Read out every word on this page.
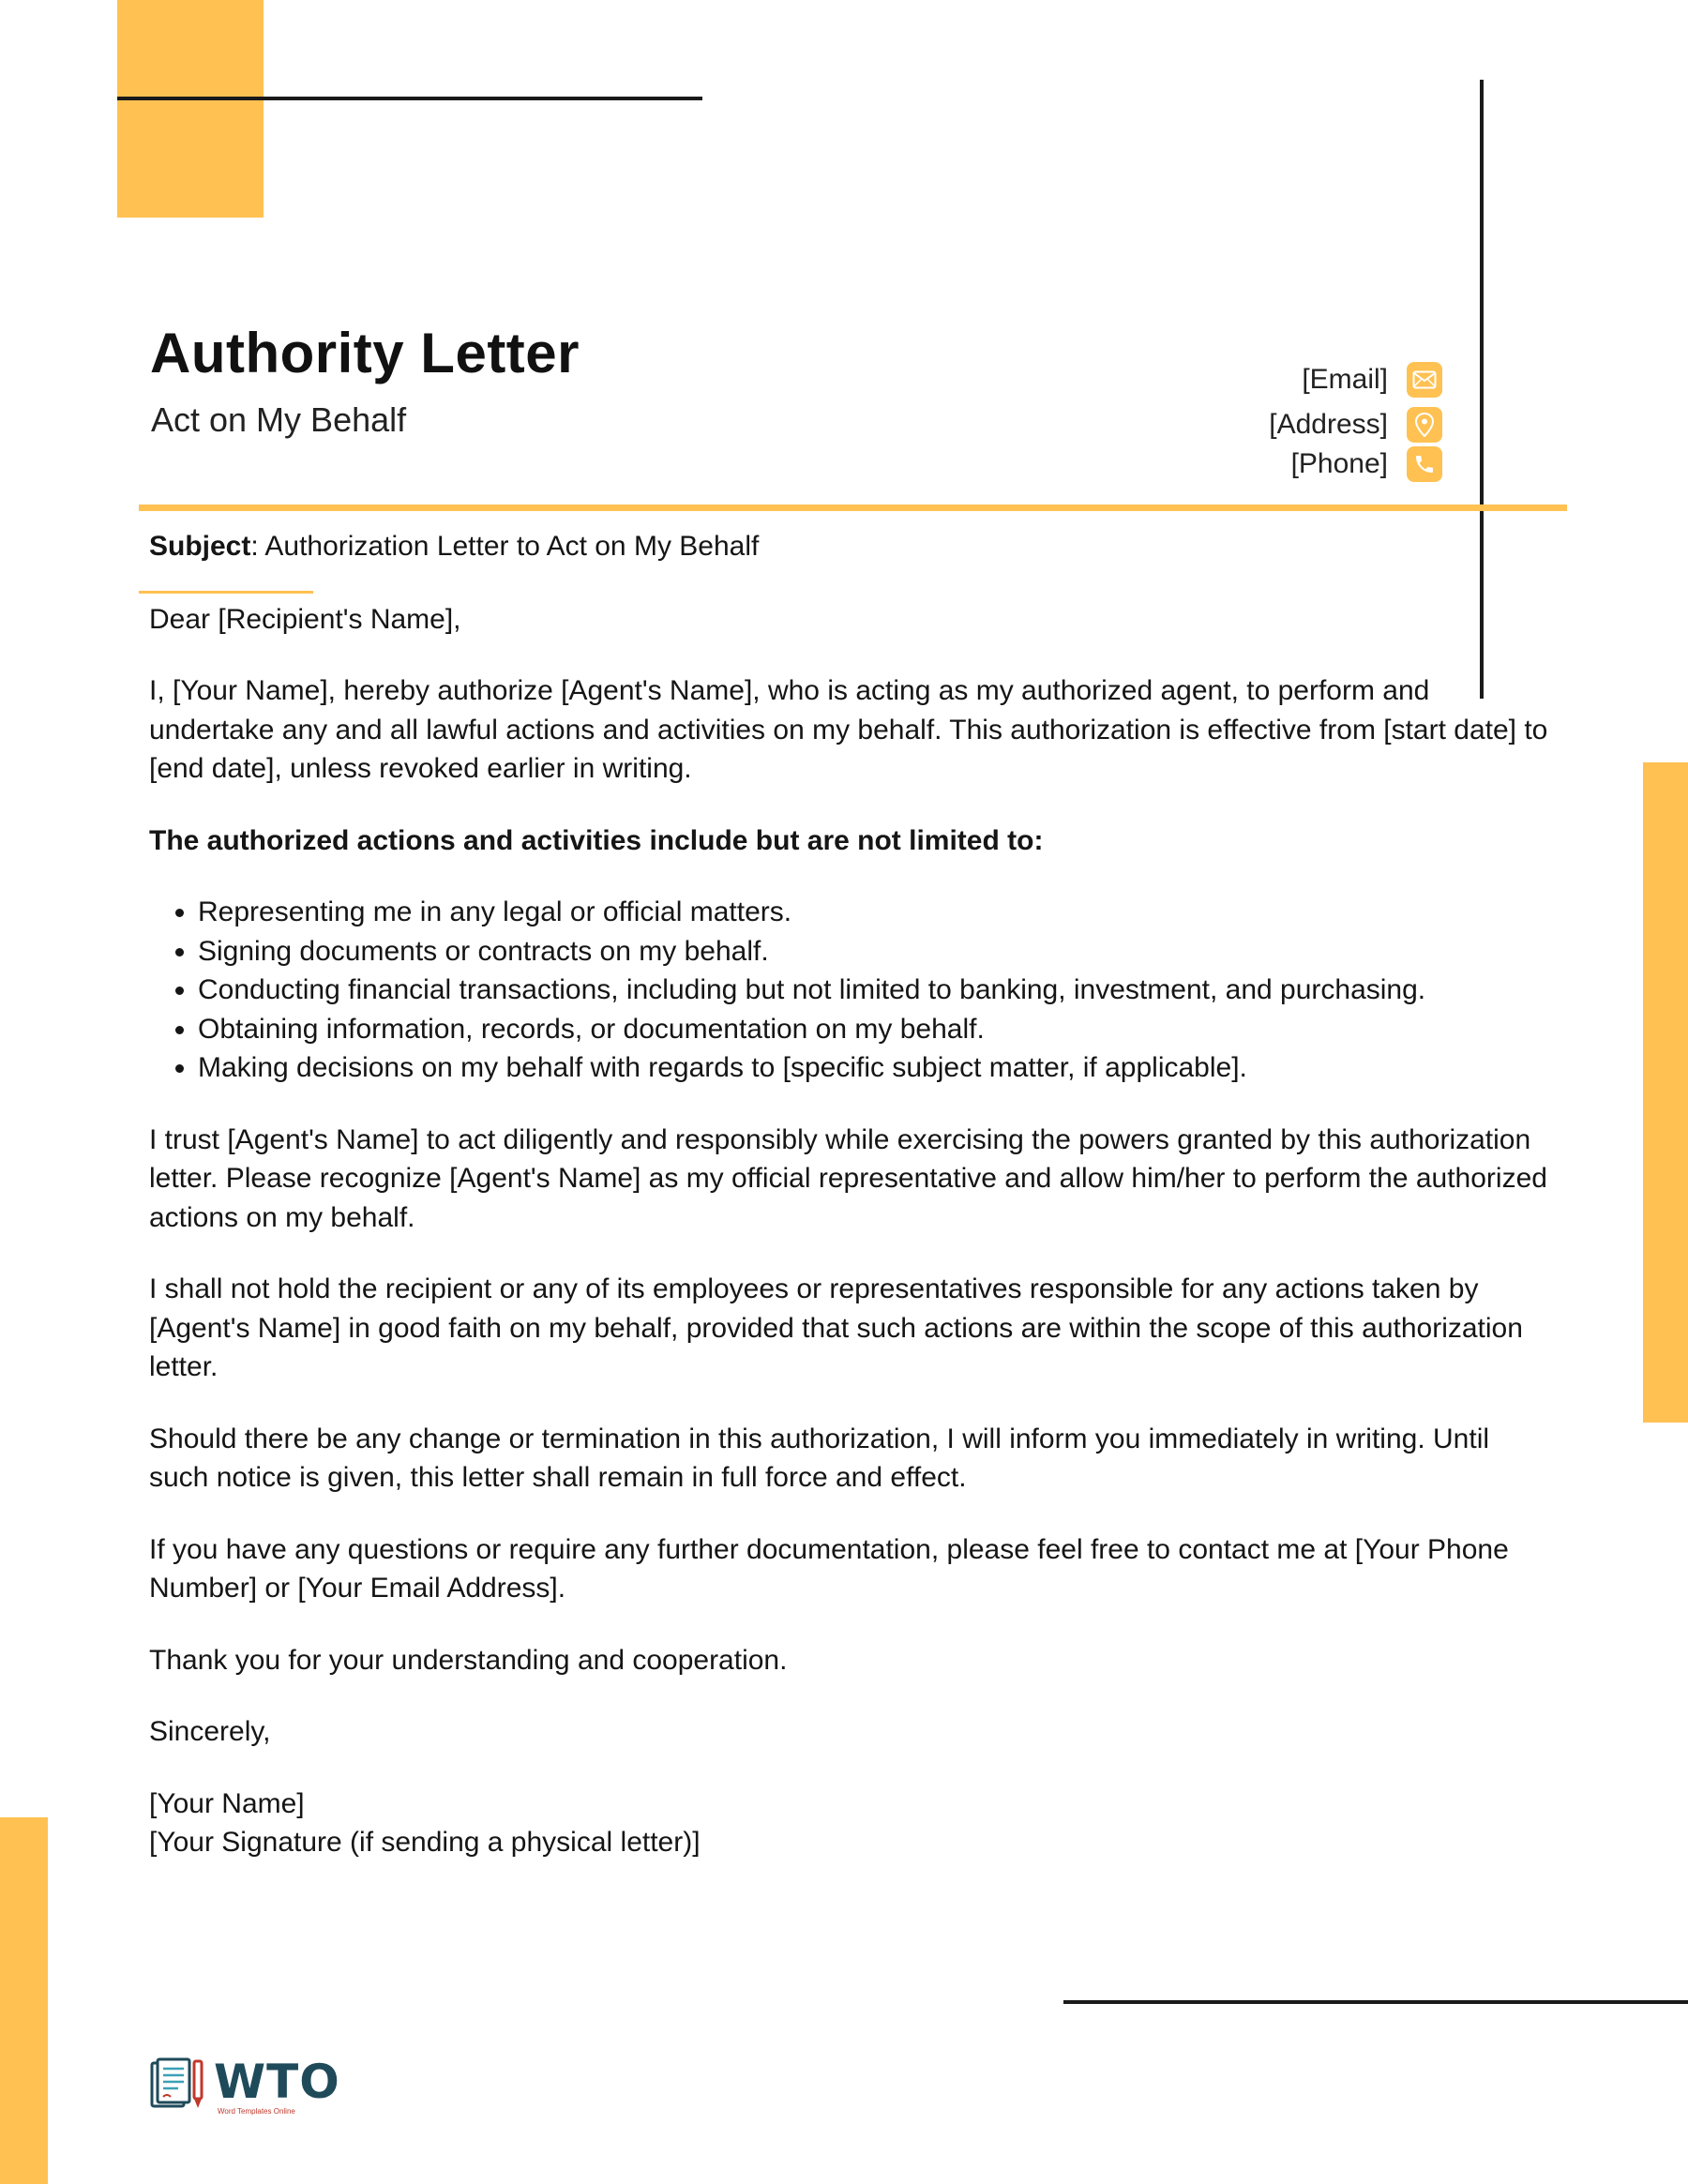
Authority Letter
Act on My Behalf
[Email]
[Address]
[Phone]

Subject: Authorization Letter to Act on My Behalf

Dear [Recipient's Name],

I, [Your Name], hereby authorize [Agent's Name], who is acting as my authorized agent, to perform and undertake any and all lawful actions and activities on my behalf. This authorization is effective from [start date] to [end date], unless revoked earlier in writing.

The authorized actions and activities include but are not limited to:

• Representing me in any legal or official matters.
• Signing documents or contracts on my behalf.
• Conducting financial transactions, including but not limited to banking, investment, and purchasing.
• Obtaining information, records, or documentation on my behalf.
• Making decisions on my behalf with regards to [specific subject matter, if applicable].

I trust [Agent's Name] to act diligently and responsibly while exercising the powers granted by this authorization letter. Please recognize [Agent's Name] as my official representative and allow him/her to perform the authorized actions on my behalf.

I shall not hold the recipient or any of its employees or representatives responsible for any actions taken by [Agent's Name] in good faith on my behalf, provided that such actions are within the scope of this authorization letter.

Should there be any change or termination in this authorization, I will inform you immediately in writing. Until such notice is given, this letter shall remain in full force and effect.

If you have any questions or require any further documentation, please feel free to contact me at [Your Phone Number] or [Your Email Address].

Thank you for your understanding and cooperation.

Sincerely,

[Your Name]
[Your Signature (if sending a physical letter)]
WTO
Word Templates Online
